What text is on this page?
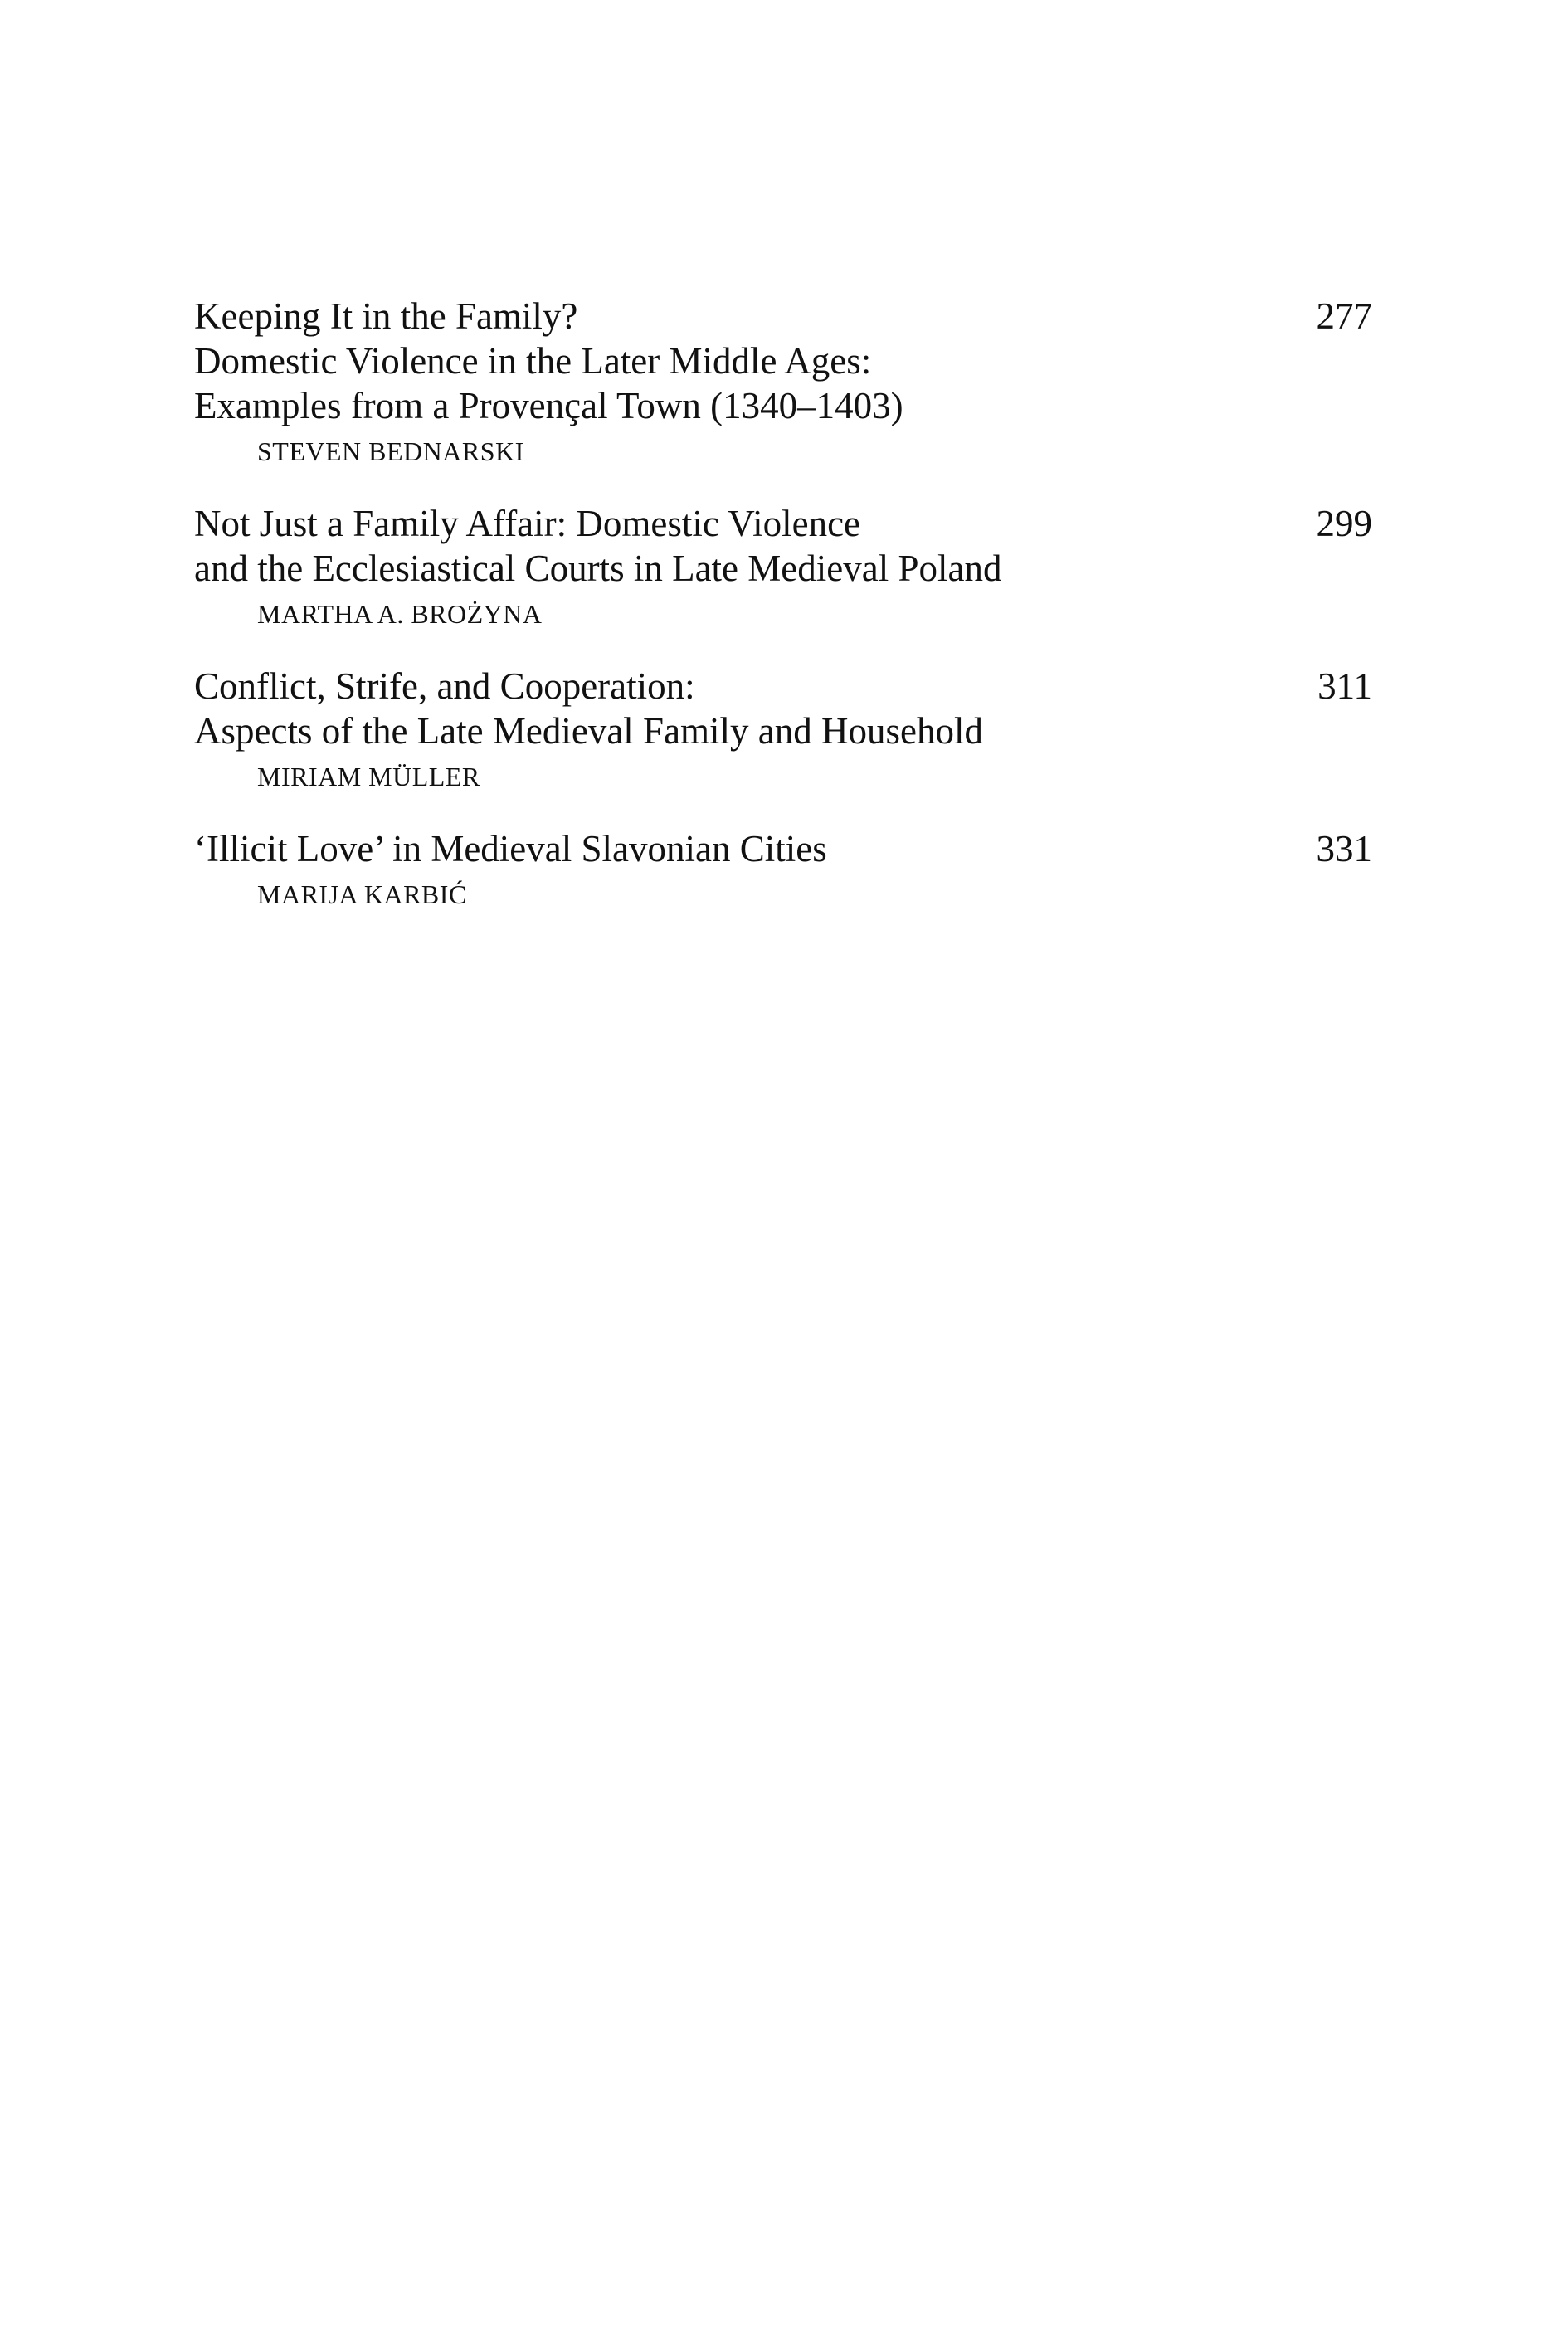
Keeping It in the Family?
Domestic Violence in the Later Middle Ages:
Examples from a Provençal Town (1340–1403)
STEVEN BEDNARSKI
277
Not Just a Family Affair: Domestic Violence
and the Ecclesiastical Courts in Late Medieval Poland
MARTHA A. BROŻYNA
299
Conflict, Strife, and Cooperation:
Aspects of the Late Medieval Family and Household
MIRIAM MÜLLER
311
‘Illicit Love’ in Medieval Slavonian Cities
MARIJA KARBIĆ
331
